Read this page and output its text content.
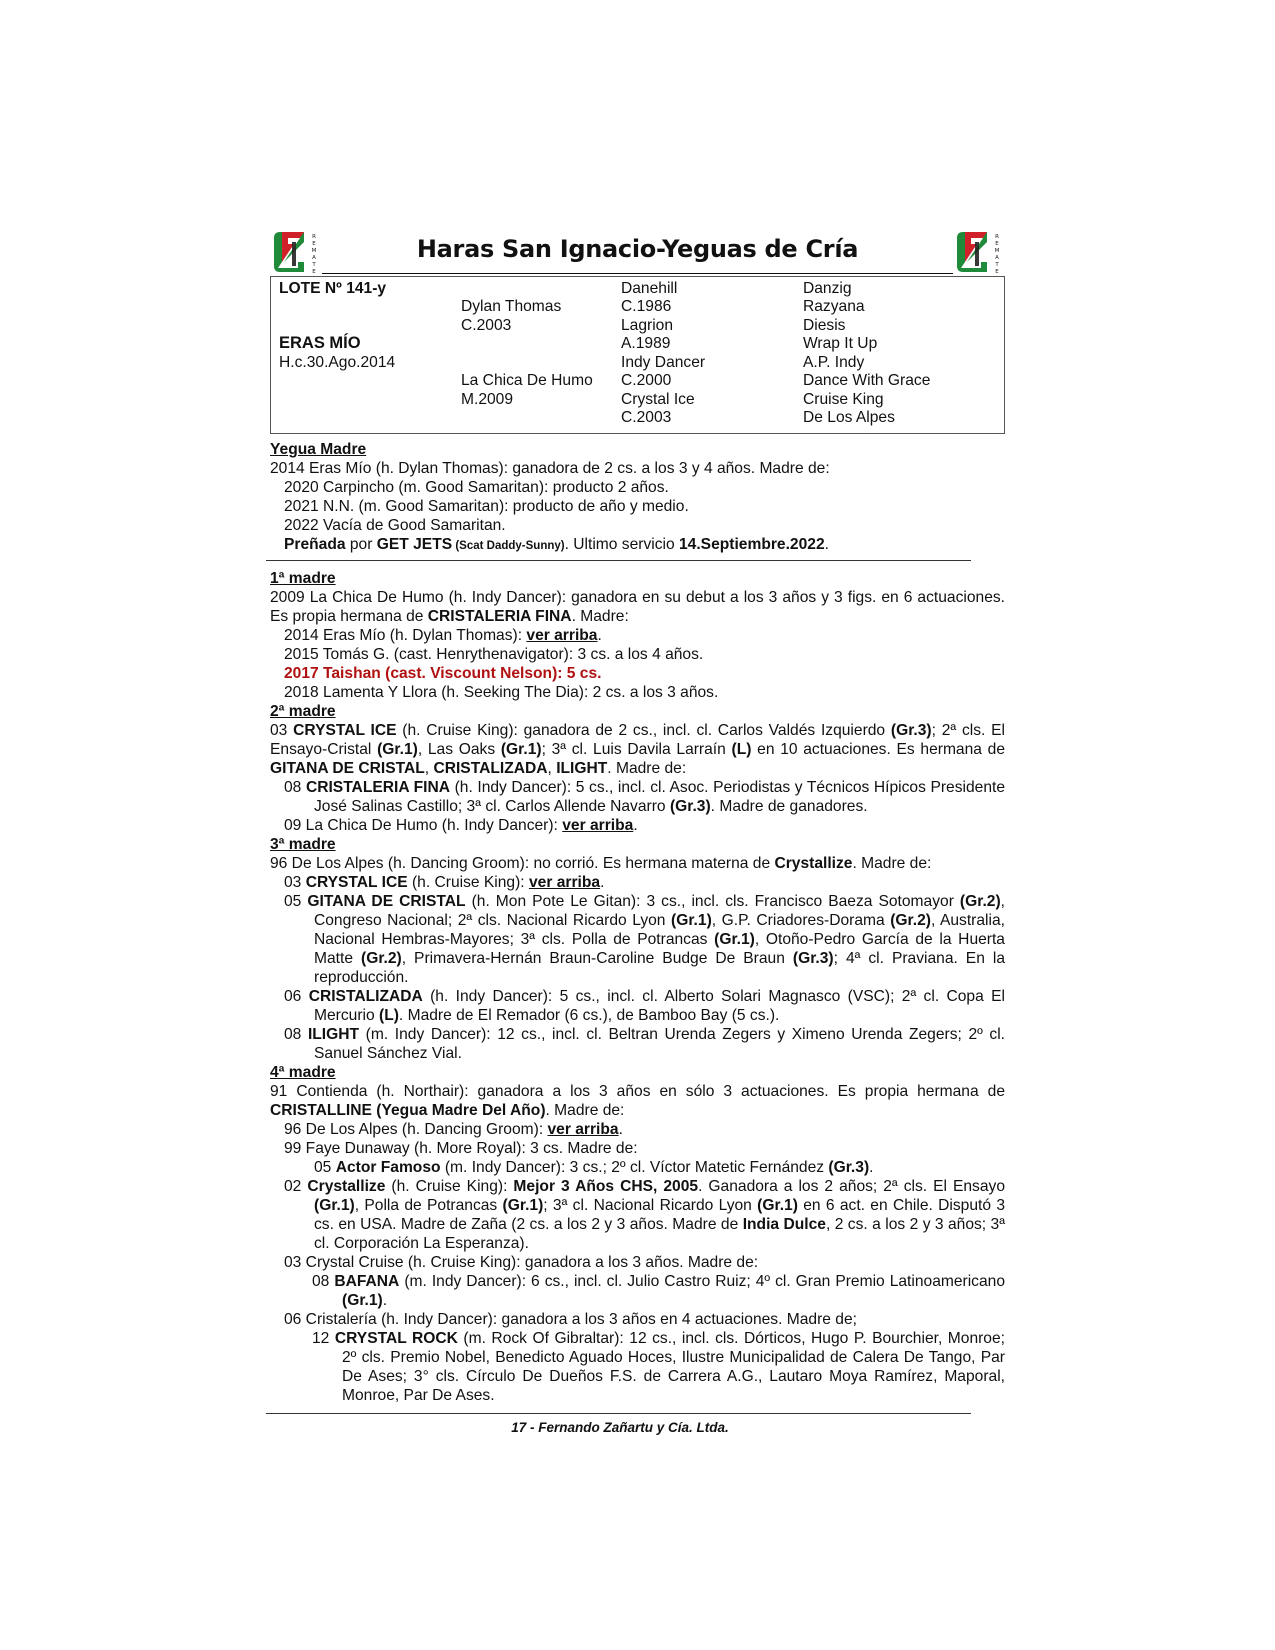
R
E
M
A
T
E
Haras San Ignacio-Yeguas de Cría	R
E
M
A
T
E
LOTE Nº 141-y
ERAS MÍO
H.c.30.Ago.2014
Dylan Thomas
C.2003
La Chica De Humo
M.2009
Danehill
C.1986
Lagrion
A.1989
Indy Dancer
C.2000
Crystal Ice
C.2003
Danzig
Razyana
Diesis
Wrap It Up
A.P. Indy
Dance With Grace
Cruise King
De Los Alpes
Yegua Madre
2014 Eras Mío (h. Dylan Thomas): ganadora de 2 cs. a los 3 y 4 años. Madre de:
2020 Carpincho (m. Good Samaritan): producto 2 años.
2021 N.N. (m. Good Samaritan): producto de año y medio.
2022 Vacía de Good Samaritan.
Preñada por GET JETS (Scat Daddy-Sunny). Ultimo servicio 14.Septiembre.2022.
1ª madre
2009 La Chica De Humo (h. Indy Dancer): ganadora en su debut a los 3 años y 3 figs. en 6 actuaciones. Es propia hermana de CRISTALERIA FINA. Madre:
2014 Eras Mío (h. Dylan Thomas): ver arriba.
2015 Tomás G. (cast. Henrythenavigator): 3 cs. a los 4 años.
2017 Taishan (cast. Viscount Nelson): 5 cs.
2018 Lamenta Y Llora (h. Seeking The Dia): 2 cs. a los 3 años.
2ª madre
03 CRYSTAL ICE (h. Cruise King): ganadora de 2 cs., incl. cl. Carlos Valdés Izquierdo (Gr.3); 2ª cls. El Ensayo-Cristal (Gr.1), Las Oaks (Gr.1); 3ª cl. Luis Davila Larraín (L) en 10 actuaciones. Es hermana de GITANA DE CRISTAL, CRISTALIZADA, ILIGHT. Madre de:
08 CRISTALERIA FINA (h. Indy Dancer): 5 cs., incl. cl. Asoc. Periodistas y Técnicos Hípicos Presidente José Salinas Castillo; 3ª cl. Carlos Allende Navarro (Gr.3). Madre de ganadores.
09 La Chica De Humo (h. Indy Dancer): ver arriba.
3ª madre
96 De Los Alpes (h. Dancing Groom): no corrió. Es hermana materna de Crystallize. Madre de:
03 CRYSTAL ICE (h. Cruise King): ver arriba.
05 GITANA DE CRISTAL (h. Mon Pote Le Gitan): 3 cs., incl. cls. Francisco Baeza Sotomayor (Gr.2), Congreso Nacional; 2ª cls. Nacional Ricardo Lyon (Gr.1), G.P. Criadores-Dorama (Gr.2), Australia, Nacional Hembras-Mayores; 3ª cls. Polla de Potrancas (Gr.1), Otoño-Pedro García de la Huerta Matte (Gr.2), Primavera-Hernán Braun-Caroline Budge De Braun (Gr.3); 4ª cl. Praviana. En la reproducción.
06 CRISTALIZADA (h. Indy Dancer): 5 cs., incl. cl. Alberto Solari Magnasco (VSC); 2ª cl. Copa El Mercurio (L). Madre de El Remador (6 cs.), de Bamboo Bay (5 cs.).
08 ILIGHT (m. Indy Dancer): 12 cs., incl. cl. Beltran Urenda Zegers y Ximeno Urenda Zegers; 2º cl. Sanuel Sánchez Vial.
4ª madre
91 Contienda (h. Northair): ganadora a los 3 años en sólo 3 actuaciones. Es propia hermana de CRISTALLINE (Yegua Madre Del Año). Madre de:
96 De Los Alpes (h. Dancing Groom): ver arriba.
99 Faye Dunaway (h. More Royal): 3 cs. Madre de:
05 Actor Famoso (m. Indy Dancer): 3 cs.; 2º cl. Víctor Matetic Fernández (Gr.3).
02 Crystallize (h. Cruise King): Mejor 3 Años CHS, 2005. Ganadora a los 2 años; 2ª cls. El Ensayo (Gr.1), Polla de Potrancas (Gr.1); 3ª cl. Nacional Ricardo Lyon (Gr.1) en 6 act. en Chile. Disputó 3 cs. en USA. Madre de Zaña (2 cs. a los 2 y 3 años. Madre de India Dulce, 2 cs. a los 2 y 3 años; 3ª cl. Corporación La Esperanza).
03 Crystal Cruise (h. Cruise King): ganadora a los 3 años. Madre de:
08 BAFANA (m. Indy Dancer): 6 cs., incl. cl. Julio Castro Ruiz; 4º cl. Gran Premio Latinoamericano (Gr.1).
06 Cristalería (h. Indy Dancer): ganadora a los 3 años en 4 actuaciones. Madre de;
12 CRYSTAL ROCK (m. Rock Of Gibraltar): 12 cs., incl. cls. Dórticos, Hugo P. Bourchier, Monroe; 2º cls. Premio Nobel, Benedicto Aguado Hoces, Ilustre Municipalidad de Calera De Tango, Par De Ases; 3° cls. Círculo De Dueños F.S. de Carrera A.G., Lautaro Moya Ramírez, Maporal, Monroe, Par De Ases.
17 - Fernando Zañartu y Cía. Ltda.
